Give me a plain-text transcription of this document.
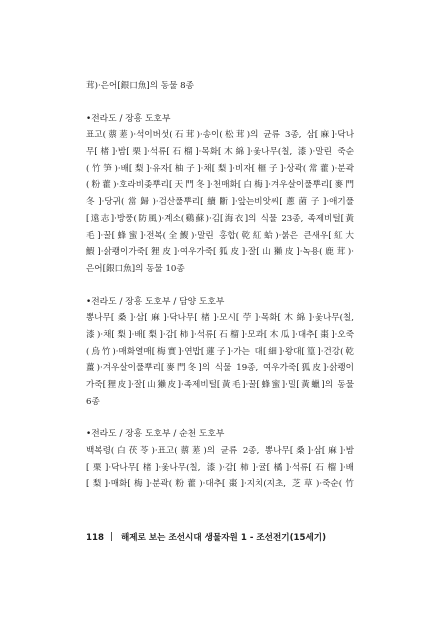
茸)·은어[銀口魚]의 동물 8종
•전라도 / 장흥 도호부
표고(蔈蒫)·석이버섯(石茸)·송이(松茸)의 균류 3종, 삼[麻]·닥나
무[楮]·밤[栗]·석류[石榴]·목화[木綿]·옻나무(칠, 漆)·말린 죽순
(竹笋)·배[梨]·유자[柚子]·채[梨]·비자[榧子]·상곽(常藿)·분곽
(粉藿)·호라비좆뿌리[天門冬]·천매화[白梅]·겨우살이풀뿌리[麥門
冬]·당귀(當歸)·검산풀뿌리[續斷]·앞는비앗씨[蔥菌子]·애기풀
[遠志]·방풍(防風)·계소(鷄蘇)·김[海衣]의 식물 23종, 족제비털[黃
毛]·꿀[蜂蜜]·전복(全鰒)·말린 홍합(乾紅蛤)·붉은 큰새우[紅大
鰕]·삵쾡이가죽[狸皮]·여우가죽[狐皮]·잘[山獺皮]·녹용(鹿茸)·
은어[銀口魚]의 동물 10종
•전라도 / 장흥 도호부 / 담양 도호부
뽕나무[桑]·삼[麻]·닥나무[楮]·모시[苧]·목화[木綿]·옻나무(칠,
漆)·채[梨]·배[梨]·감[柿]·석류[石榴]·모과[木瓜]·대추[棗]·오죽
(烏竹)·매화열매[梅實]·연밥[蓮子]·가는 대[細]·왕대[篁]·건강(乾
薑)·겨우살이풀뿌리[麥門冬]의 식물 19종, 여우가죽[狐皮]·삵쾡이
가죽[狸皮]·잘[山獺皮]·족제비털[黃毛]·꿀[蜂蜜]·밀[黃蠟]의 동물
6종
•전라도 / 장흥 도호부 / 순천 도호부
백복령(白茯苓)·표고(蔈蒫)의 균류 2종, 뽕나무[桑]·삼[麻]·밤
[栗]·닥나무[楮]·옻나무(칠, 漆)·감[柿]·귤[橘]·석류[石榴]·배
[梨]·매화[梅]·분곽(粉藿)·대추[棗]·지치(지초, 芝草)·죽순(竹
118 해제로 보는 조선시대 생물자원 1 - 조선전기(15세기)
